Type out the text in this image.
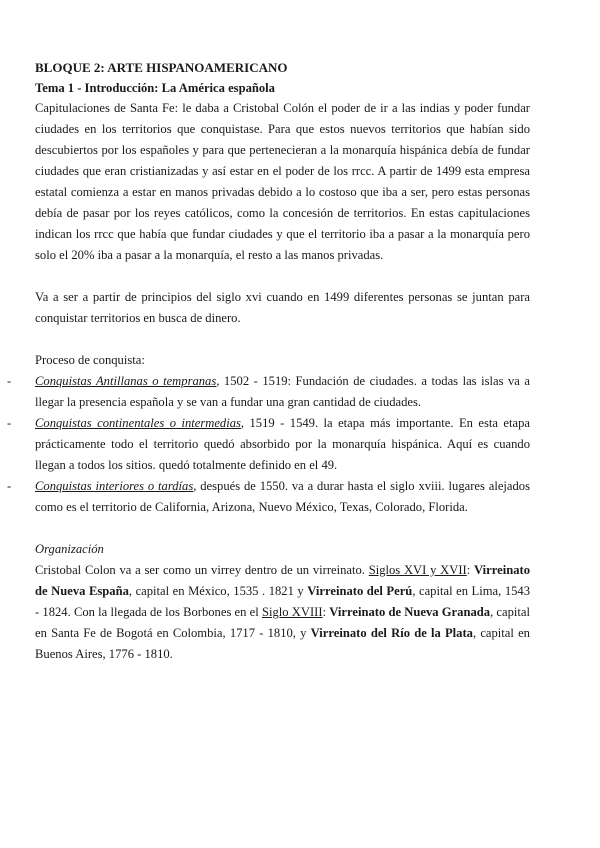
BLOQUE 2: ARTE HISPANOAMERICANO
Tema 1 - Introducción: La América española

Capitulaciones de Santa Fe: le daba a Cristobal Colón el poder de ir a las indias y poder fundar ciudades en los territorios que conquistase. Para que estos nuevos territorios que habían sido descubiertos por los españoles y para que pertenecieran a la monarquía hispánica debía de fundar ciudades que eran cristianizadas y así estar en el poder de los rrcc. A partir de 1499 esta empresa estatal comienza a estar en manos privadas debido a lo costoso que iba a ser, pero estas personas debía de pasar por los reyes católicos, como la concesión de territorios. En estas capitulaciones indican los rrcc que había que fundar ciudades y que el territorio iba a pasar a la monarquía pero solo el 20% iba a pasar a la monarquía, el resto a las manos privadas.

Va a ser a partir de principios del siglo xvi cuando en 1499 diferentes personas se juntan para conquistar territorios en busca de dinero.

Proceso de conquista:

- Conquistas Antillanas o tempranas, 1502 - 1519: Fundación de ciudades. a todas las islas va a llegar la presencia española y se van a fundar una gran cantidad de ciudades.
- Conquistas continentales o intermedias, 1519 - 1549. la etapa más importante. En esta etapa prácticamente todo el territorio quedó absorbido por la monarquía hispánica. Aquí es cuando llegan a todos los sitios. quedó totalmente definido en el 49.
- Conquistas interiores o tardías, después de 1550. va a durar hasta el siglo xviii. lugares alejados como es el territorio de California, Arizona, Nuevo México, Texas, Colorado, Florida.

Organización

Cristobal Colon va a ser como un virrey dentro de un virreinato. Siglos XVI y XVII: Virreinato de Nueva España, capital en México, 1535 . 1821 y Virreinato del Perú, capital en Lima, 1543 - 1824. Con la llegada de los Borbones en el Siglo XVIII: Virreinato de Nueva Granada, capital en Santa Fe de Bogotá en Colombia, 1717 - 1810, y Virreinato del Río de la Plata, capital en Buenos Aires, 1776 - 1810.
